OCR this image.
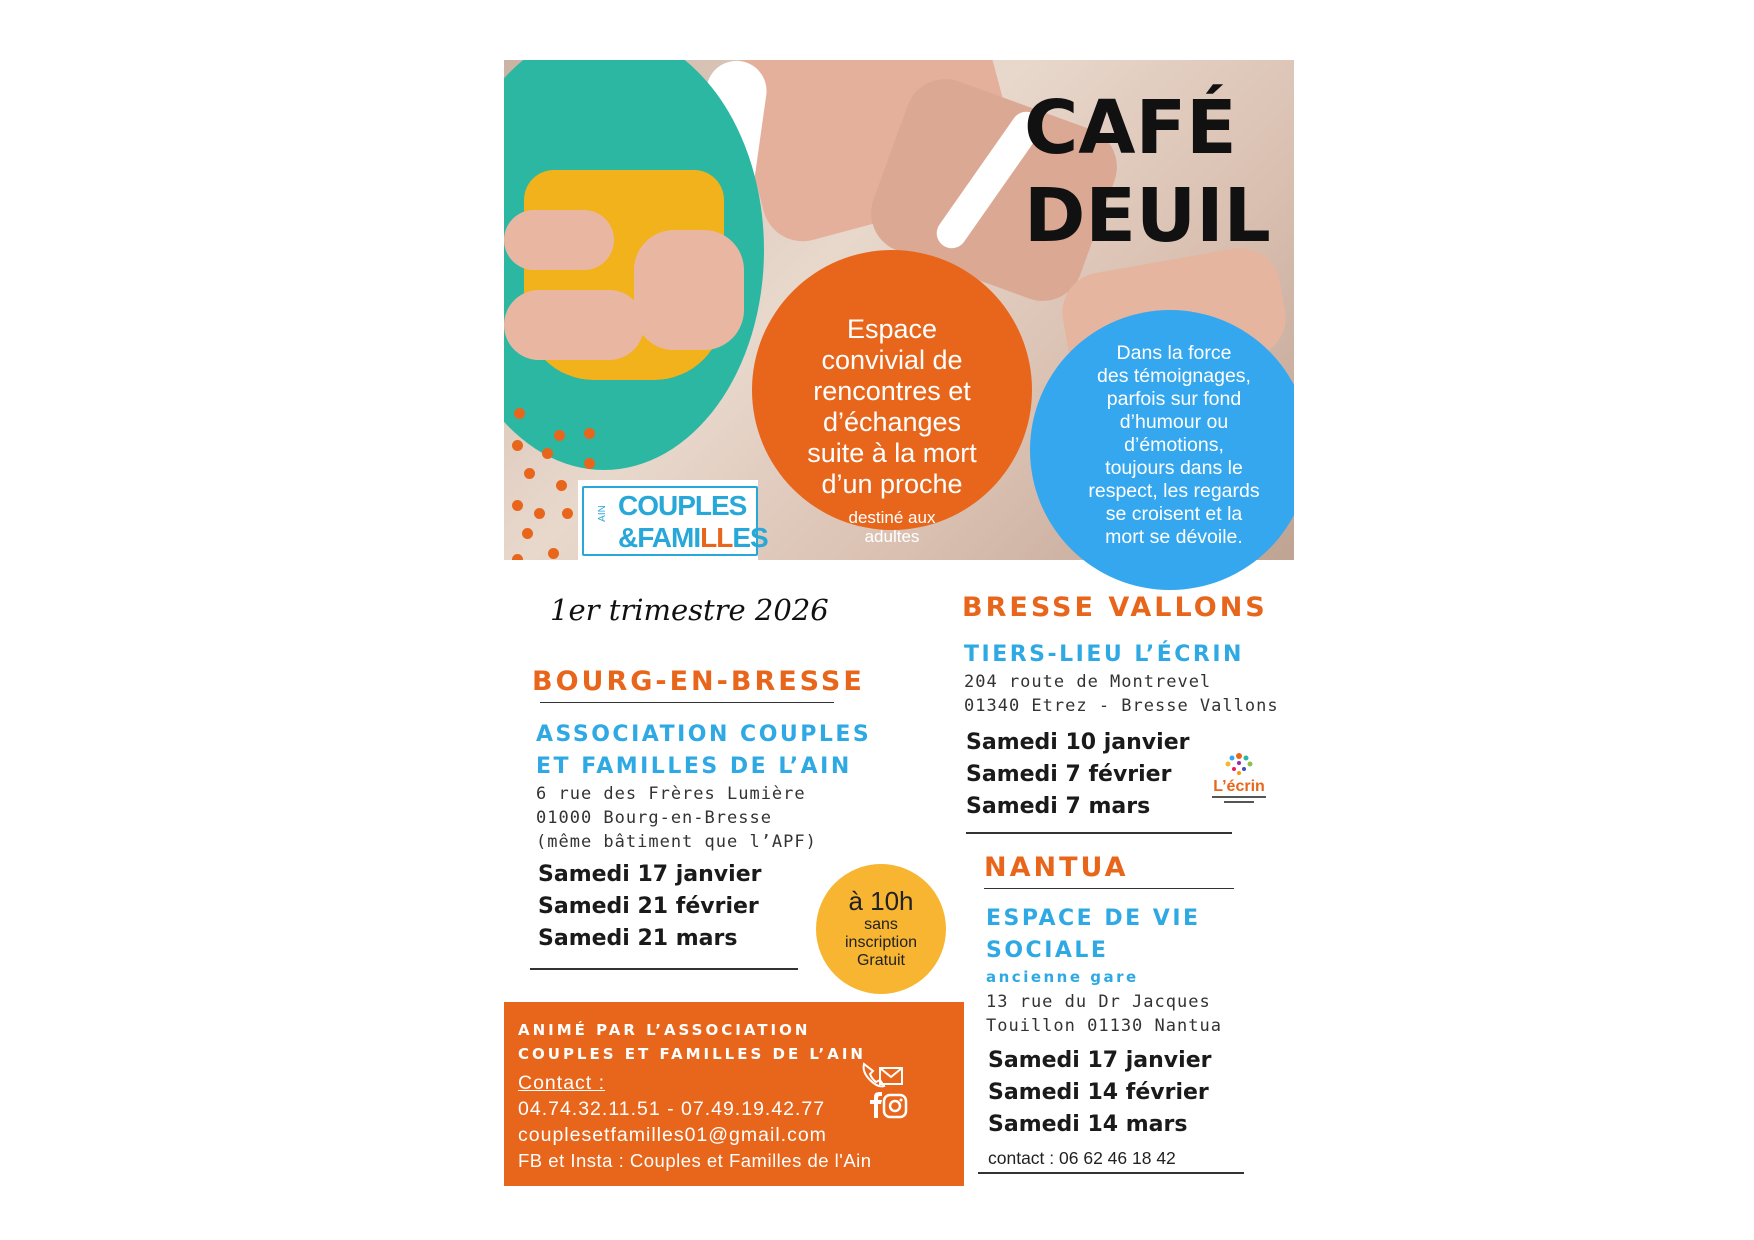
CAFÉ
DEUIL
Espace
convivial de
rencontres et
d’échanges
suite à la mort
d’un proche
destiné aux
adultes
Dans la force
des témoignages,
parfois sur fond
d’humour ou
d’émotions,
toujours dans le
respect, les regards
se croisent et la
mort se dévoile.
AIN COUPLES
&FAMILLES
1er trimestre 2026
BOURG-EN-BRESSE
ASSOCIATION COUPLES
ET FAMILLES DE L’AIN
6 rue des Frères Lumière
01000 Bourg-en-Bresse
(même bâtiment que l’APF)
Samedi 17 janvier
Samedi 21 février
Samedi 21 mars
à 10h
sans
inscription
Gratuit
BRESSE VALLONS
TIERS-LIEU L’ÉCRIN
204 route de Montrevel
01340 Etrez - Bresse Vallons
Samedi 10 janvier
Samedi 7 février
Samedi 7 mars
L’écrin
NANTUA
ESPACE DE VIE
SOCIALE
ancienne gare
13 rue du Dr Jacques
Touillon 01130 Nantua
Samedi 17 janvier
Samedi 14 février
Samedi 14 mars
contact : 06 62 46 18 42
ANIMÉ PAR L’ASSOCIATION
COUPLES ET FAMILLES DE L’AIN
Contact :
04.74.32.11.51 - 07.49.19.42.77
couplesetfamilles01@gmail.com
FB et Insta : Couples et Familles de l'Ain
